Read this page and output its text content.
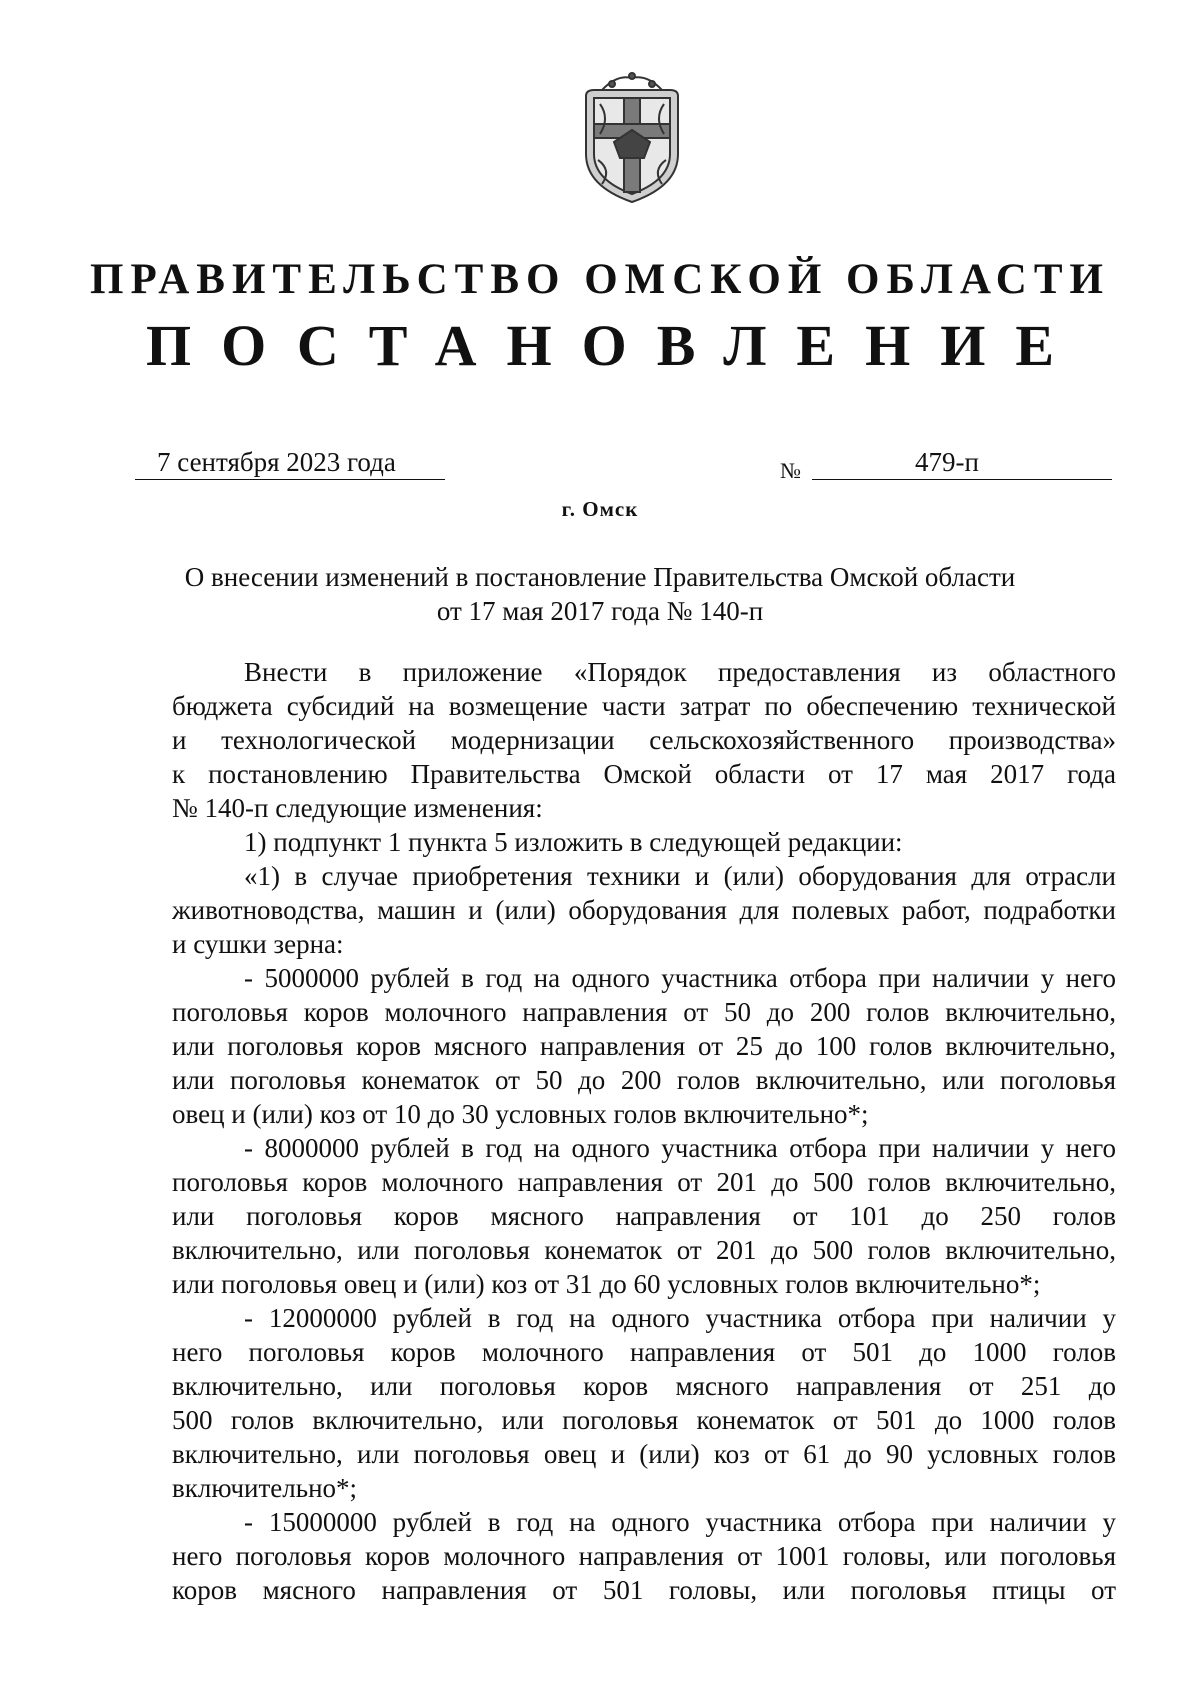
ПРАВИТЕЛЬСТВО ОМСКОЙ ОБЛАСТИ
ПОСТАНОВЛЕНИЕ
7 сентября 2023 года	№	479-п
г. Омск
О внесении изменений в постановление Правительства Омской области
от 17 мая 2017 года № 140-п

Внести в приложение «Порядок предоставления из областного

бюджета субсидий на возмещение части затрат по обеспечению технической
и технологической модернизации сельскохозяйственного производства»
к постановлению Правительства Омской области от 17 мая 2017 года
№ 140-п следующие изменения:

1) подпункт 1 пункта 5 изложить в следующей редакции:

«1) в случае приобретения техники и (или) оборудования для отрасли

животноводства, машин и (или) оборудования для полевых работ, подработки
и сушки зерна:

- 5000000 рублей в год на одного участника отбора при наличии у него

поголовья коров молочного направления от 50 до 200 голов включительно,
или поголовья коров мясного направления от 25 до 100 голов включительно,
или поголовья конематок от 50 до 200 голов включительно, или поголовья
овец и (или) коз от 10 до 30 условных голов включительно*;

- 8000000 рублей в год на одного участника отбора при наличии у него

поголовья коров молочного направления от 201 до 500 голов включительно,
или поголовья коров мясного направления от 101 до 250 голов
включительно, или поголовья конематок от 201 до 500 голов включительно,
или поголовья овец и (или) коз от 31 до 60 условных голов включительно*;

- 12000000 рублей в год на одного участника отбора при наличии у

него поголовья коров молочного направления от 501 до 1000 голов
включительно, или поголовья коров мясного направления от 251 до
500 голов включительно, или поголовья конематок от 501 до 1000 голов
включительно, или поголовья овец и (или) коз от 61 до 90 условных голов
включительно*;

- 15000000 рублей в год на одного участника отбора при наличии у

него поголовья коров молочного направления от 1001 головы, или поголовья
коров мясного направления от 501 головы, или поголовья птицы от
